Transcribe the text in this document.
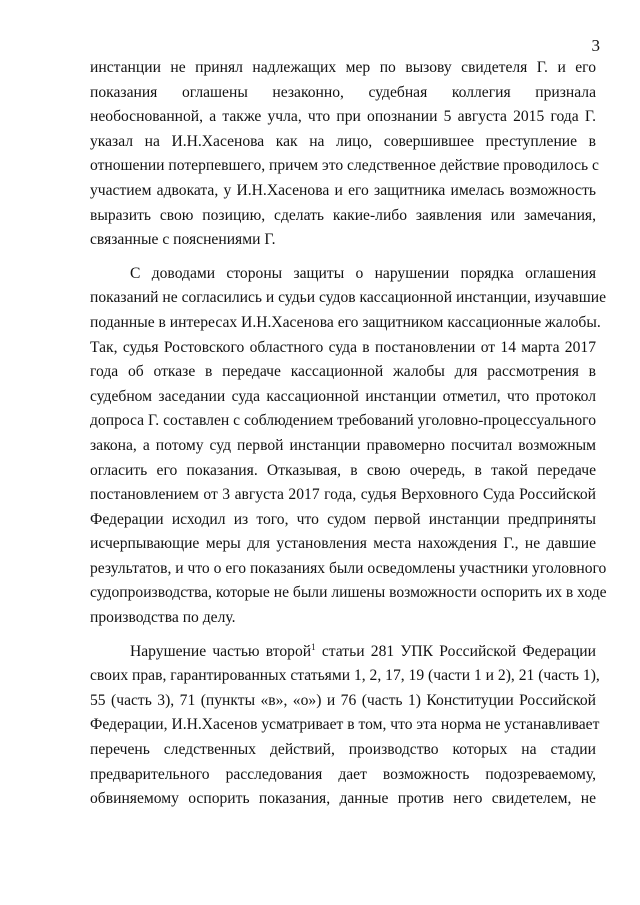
3
инстанции не принял надлежащих мер по вызову свидетеля Г. и его
показания оглашены незаконно, судебная коллегия признала
необоснованной, а также учла, что при опознании 5 августа 2015 года Г.
указал на И.Н.Хасенова как на лицо, совершившее преступление в
отношении потерпевшего, причем это следственное действие проводилось с
участием адвоката, у И.Н.Хасенова и его защитника имелась возможность
выразить свою позицию, сделать какие-либо заявления или замечания,
связанные с пояснениями Г.
С доводами стороны защиты о нарушении порядка оглашения
показаний не согласились и судьи судов кассационной инстанции, изучавшие
поданные в интересах И.Н.Хасенова его защитником кассационные жалобы.
Так, судья Ростовского областного суда в постановлении от 14 марта 2017
года об отказе в передаче кассационной жалобы для рассмотрения в
судебном заседании суда кассационной инстанции отметил, что протокол
допроса Г. составлен с соблюдением требований уголовно-процессуального
закона, а потому суд первой инстанции правомерно посчитал возможным
огласить его показания. Отказывая, в свою очередь, в такой передаче
постановлением от 3 августа 2017 года, судья Верховного Суда Российской
Федерации исходил из того, что судом первой инстанции предприняты
исчерпывающие меры для установления места нахождения Г., не давшие
результатов, и что о его показаниях были осведомлены участники уголовного
судопроизводства, которые не были лишены возможности оспорить их в ходе
производства по делу.
Нарушение частью второй$^1$ статьи 281 УПК Российской Федерации
своих прав, гарантированных статьями 1, 2, 17, 19 (части 1 и 2), 21 (часть 1),
55 (часть 3), 71 (пункты «в», «о») и 76 (часть 1) Конституции Российской
Федерации, И.Н.Хасенов усматривает в том, что эта норма не устанавливает
перечень следственных действий, производство которых на стадии
предварительного расследования дает возможность подозреваемому,
обвиняемому оспорить показания, данные против него свидетелем, не
